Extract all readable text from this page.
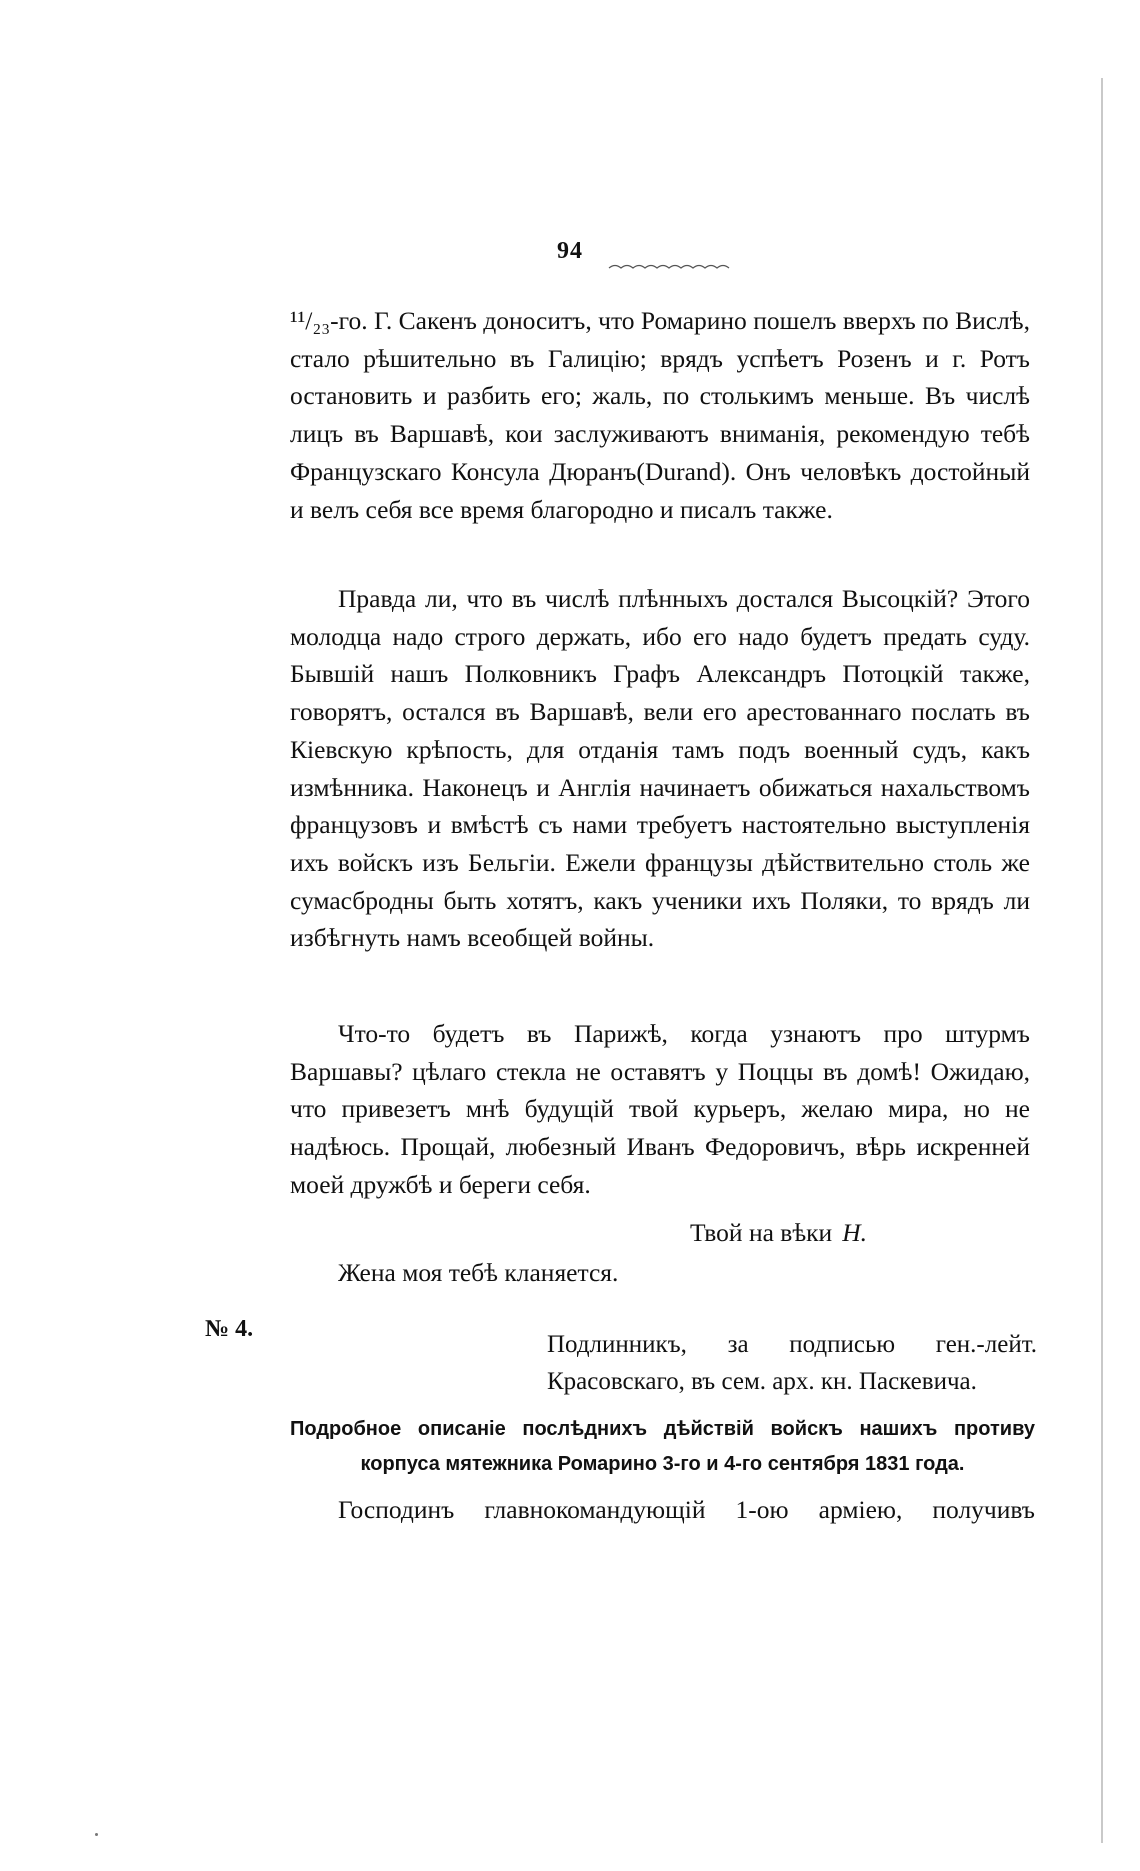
94

¹¹/₂₃-го. Г. Сакенъ доноситъ, что Ромарино пошелъ вверхъ по Вислѣ, стало рѣшительно въ Галицію; врядъ успѣетъ Розенъ и г. Ротъ остановить и разбить его; жаль, по столькимъ меньше. Въ числѣ лицъ въ Варшавѣ, кои заслуживаютъ вниманія, рекомендую тебѣ Французскаго Консула Дюранъ(Durand). Онъ человѣкъ достойный и велъ себя все время благородно и писалъ также.

Правда ли, что въ числѣ плѣнныхъ достался Высоцкій? Этого молодца надо строго держать, ибо его надо будетъ предать суду. Бывшій нашъ Полковникъ Графъ Александръ Потоцкій также, говорятъ, остался въ Варшавѣ, вели его арестованнаго послать въ Кіевскую крѣпость, для отданія тамъ подъ военный судъ, какъ измѣнника. Наконецъ и Англія начинаетъ обижаться нахальствомъ французовъ и вмѣстѣ съ нами требуетъ настоятельно выступленія ихъ войскъ изъ Бельгіи. Ежели французы дѣйствительно столь же сумасбродны быть хотятъ, какъ ученики ихъ Поляки, то врядъ ли избѣгнуть намъ всеобщей войны.

Что-то будетъ въ Парижѣ, когда узнаютъ про штурмъ Варшавы? цѣлаго стекла не оставятъ у Поццы въ домѣ! Ожидаю, что привезетъ мнѣ будущій твой курьеръ, желаю мира, но не надѣюсь. Прощай, любезный Иванъ Федоровичъ, вѣрь искренней моей дружбѣ и береги себя.

Твой на вѣки Н.
Жена моя тебѣ кланяется.
№ 4.
Подлинникъ, за подписью ген.-лейт. Красовскаго, въ сем. арх. кн. Паскевича.
Подробное описаніе послѣднихъ дѣйствій войскъ нашихъ противу
корпуса мятежника Ромарино 3-го и 4-го сентября 1831 года.
Господинъ главнокомандующій 1-ою арміею, получивъ
